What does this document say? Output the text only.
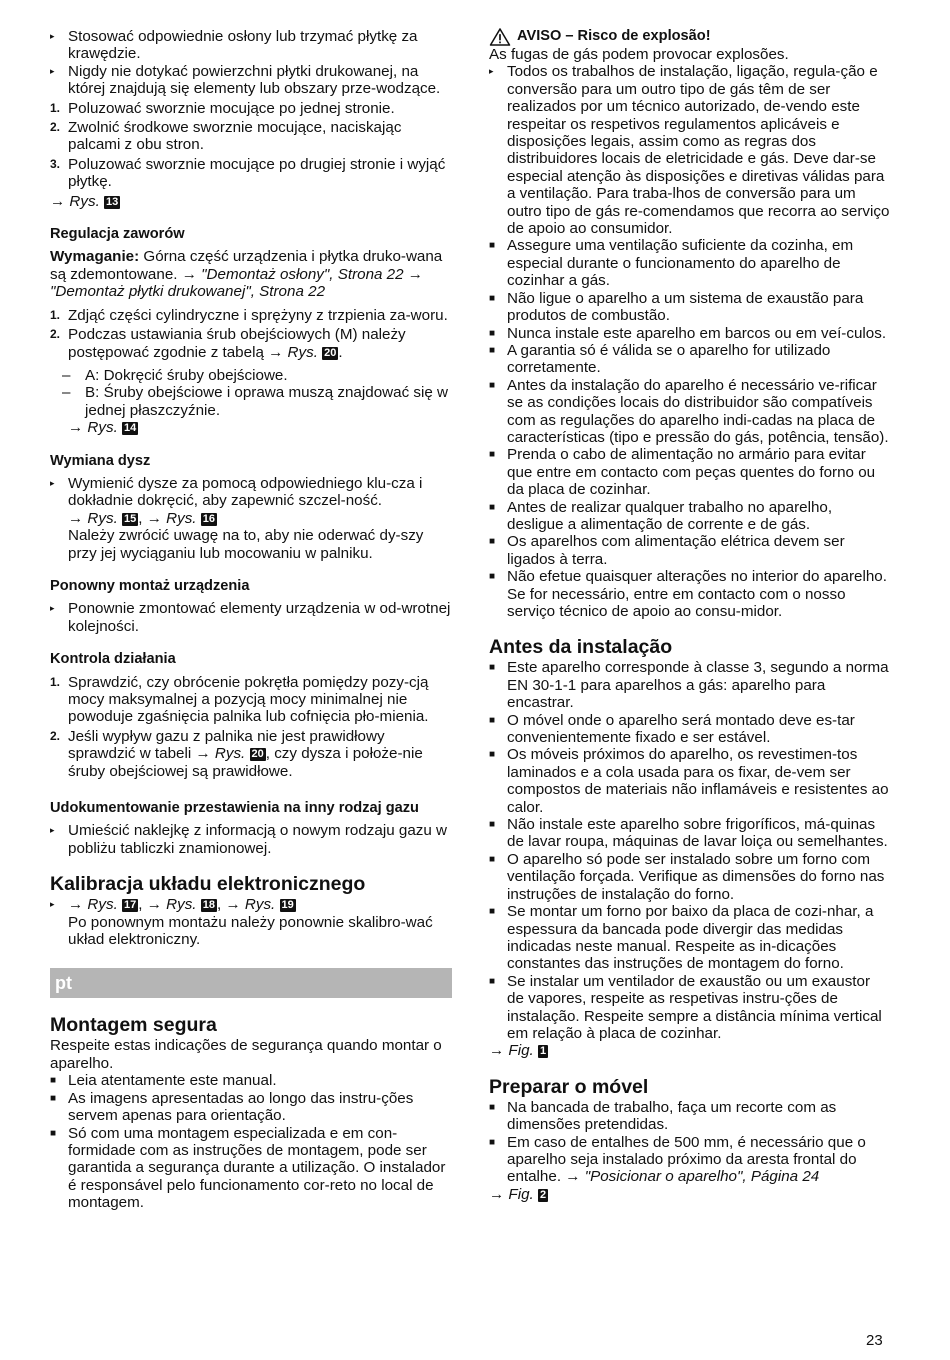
▸ Stosować odpowiednie osłony lub trzymać płytkę za krawędzie.
▸ Nigdy nie dotykać powierzchni płytki drukowanej, na której znajdują się elementy lub obszary prze-wodzące.
1. Poluzować sworznie mocujące po jednej stronie.
2. Zwolnić środkowe sworznie mocujące, naciskając palcami z obu stron.
3. Poluzować sworznie mocujące po drugiej stronie i wyjąć płytkę.
→ Rys. 13
Regulacja zaworów
Wymaganie: Górna część urządzenia i płytka druko-wana są zdemontowane. → "Demontaż osłony", Strona 22 → "Demontaż płytki drukowanej", Strona 22
1. Zdjąć części cylindryczne i sprężyny z trzpienia za-woru.
2. Podczas ustawiania śrub obejściowych (M) należy postępować zgodnie z tabelą → Rys. 20 .
– A: Dokręcić śruby obejściowe.
– B: Śruby obejściowe i oprawa muszą znajdować się w jednej płaszczyźnie.
→ Rys. 14
Wymiana dysz
▸ Wymienić dysze za pomocą odpowiedniego klu-cza i dokładnie dokręcić, aby zapewnić szczel-ność.
→ Rys. 15 , → Rys. 16
Należy zwrócić uwagę na to, aby nie oderwać dy-szy przy jej wyciąganiu lub mocowaniu w palniku.
Ponowny montaż urządzenia
▸ Ponownie zmontować elementy urządzenia w od-wrotnej kolejności.
Kontrola działania
1. Sprawdzić, czy obrócenie pokrętła pomiędzy pozy-cją mocy maksymalnej a pozycją mocy minimalnej nie powoduje zgaśnięcia palnika lub cofnięcia pło-mienia.
2. Jeśli wypływ gazu z palnika nie jest prawidłowy sprawdzić w tabeli → Rys. 20 , czy dysza i położe-nie śruby obejściowej są prawidłowe.
Udokumentowanie przestawienia na inny rodzaj gazu
▸ Umieścić naklejkę z informacją o nowym rodzaju gazu w pobliżu tabliczki znamionowej.
Kalibracja układu elektronicznego
▸ → Rys. 17 , → Rys. 18 , → Rys. 19
Po ponownym montażu należy ponownie skalibro-wać układ elektroniczny.
pt
Montagem segura
Respeite estas indicações de segurança quando montar o aparelho.
■ Leia atentamente este manual.
■ As imagens apresentadas ao longo das instru-ções servem apenas para orientação.
■ Só com uma montagem especializada e em con-formidade com as instruções de montagem, pode ser garantida a segurança durante a utilização. O instalador é responsável pelo funcionamento cor-reto no local de montagem.
AVISO – Risco de explosão!
As fugas de gás podem provocar explosões.
▸ Todos os trabalhos de instalação, ligação, regula-ção e conversão para um outro tipo de gás têm de ser realizados por um técnico autorizado, de-vendo este respeitar os respetivos regulamentos aplicáveis e disposições legais, assim como as regras dos distribuidores locais de eletricidade e gás. Deve dar-se especial atenção às disposições e diretivas válidas para a ventilação. Para traba-lhos de conversão para um outro tipo de gás re-comendamos que recorra ao serviço de apoio ao consumidor.
■ Assegure uma ventilação suficiente da cozinha, em especial durante o funcionamento do aparelho de cozinhar a gás.
■ Não ligue o aparelho a um sistema de exaustão para produtos de combustão.
■ Nunca instale este aparelho em barcos ou em veí-culos.
■ A garantia só é válida se o aparelho for utilizado corretamente.
■ Antes da instalação do aparelho é necessário ve-rificar se as condições locais do distribuidor são compatíveis com as regulações do aparelho indi-cadas na placa de características (tipo e pressão do gás, potência, tensão).
■ Prenda o cabo de alimentação no armário para evitar que entre em contacto com peças quentes do forno ou da placa de cozinhar.
■ Antes de realizar qualquer trabalho no aparelho, desligue a alimentação de corrente e de gás.
■ Os aparelhos com alimentação elétrica devem ser ligados à terra.
■ Não efetue quaisquer alterações no interior do aparelho. Se for necessário, entre em contacto com o nosso serviço técnico de apoio ao consu-midor.
Antes da instalação
■ Este aparelho corresponde à classe 3, segundo a norma EN 30-1-1 para aparelhos a gás: aparelho para encastrar.
■ O móvel onde o aparelho será montado deve es-tar convenientemente fixado e ser estável.
■ Os móveis próximos do aparelho, os revestimen-tos laminados e a cola usada para os fixar, de-vem ser compostos de materiais não inflamáveis e resistentes ao calor.
■ Não instale este aparelho sobre frigoríficos, má-quinas de lavar roupa, máquinas de lavar loiça ou semelhantes.
■ O aparelho só pode ser instalado sobre um forno com ventilação forçada. Verifique as dimensões do forno nas instruções de instalação do forno.
■ Se montar um forno por baixo da placa de cozi-nhar, a espessura da bancada pode divergir das medidas indicadas neste manual. Respeite as in-dicações constantes das instruções de montagem do forno.
■ Se instalar um ventilador de exaustão ou um exaustor de vapores, respeite as respetivas instru-ções de instalação. Respeite sempre a distância mínima vertical em relação à placa de cozinhar.
→ Fig. 1
Preparar o móvel
■ Na bancada de trabalho, faça um recorte com as dimensões pretendidas.
■ Em caso de entalhes de 500 mm, é necessário que o aparelho seja instalado próximo da aresta frontal do entalhe. → "Posicionar o aparelho", Página 24
→ Fig. 2
23
